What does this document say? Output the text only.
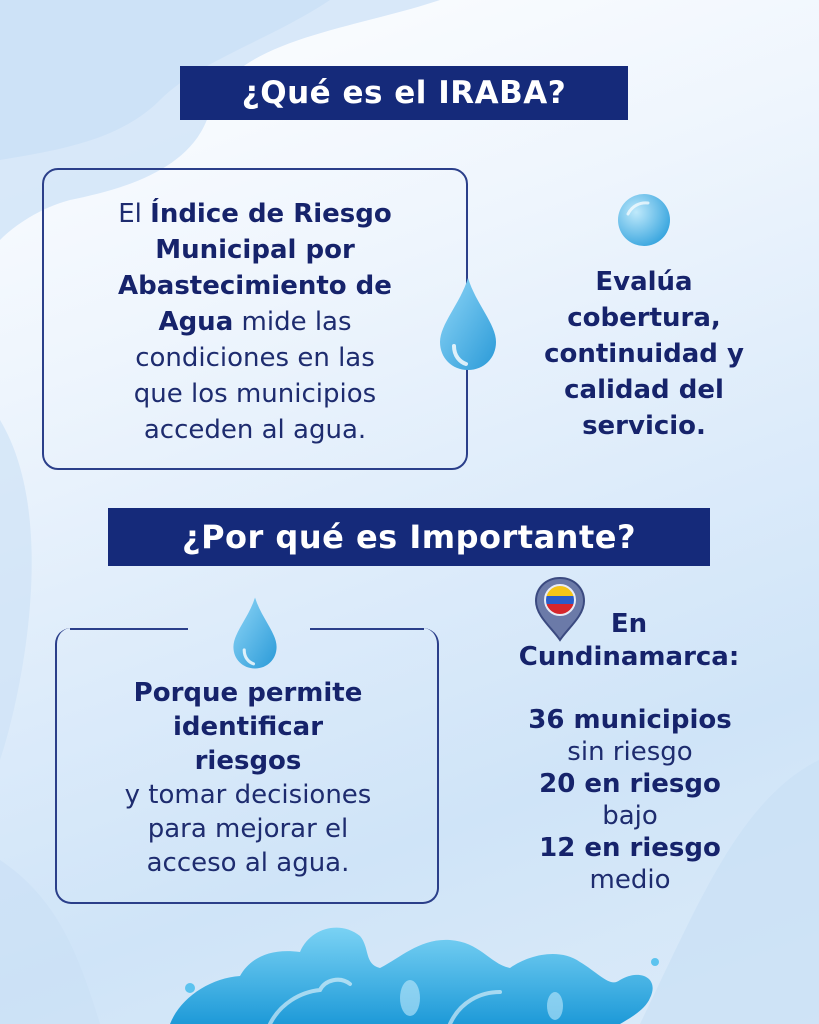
¿Qué es el IRABA?
El Índice de Riesgo
Municipal por
Abastecimiento de
Agua mide las
condiciones en las
que los municipios
acceden al agua.
Evalúa
cobertura,
continuidad y
calidad del
servicio.
¿Por qué es Importante?
Porque permite
identificar
riesgos
y tomar decisiones
para mejorar el
acceso al agua.
En
Cundinamarca:
36 municipios
sin riesgo
20 en riesgo
bajo
12 en riesgo
medio
